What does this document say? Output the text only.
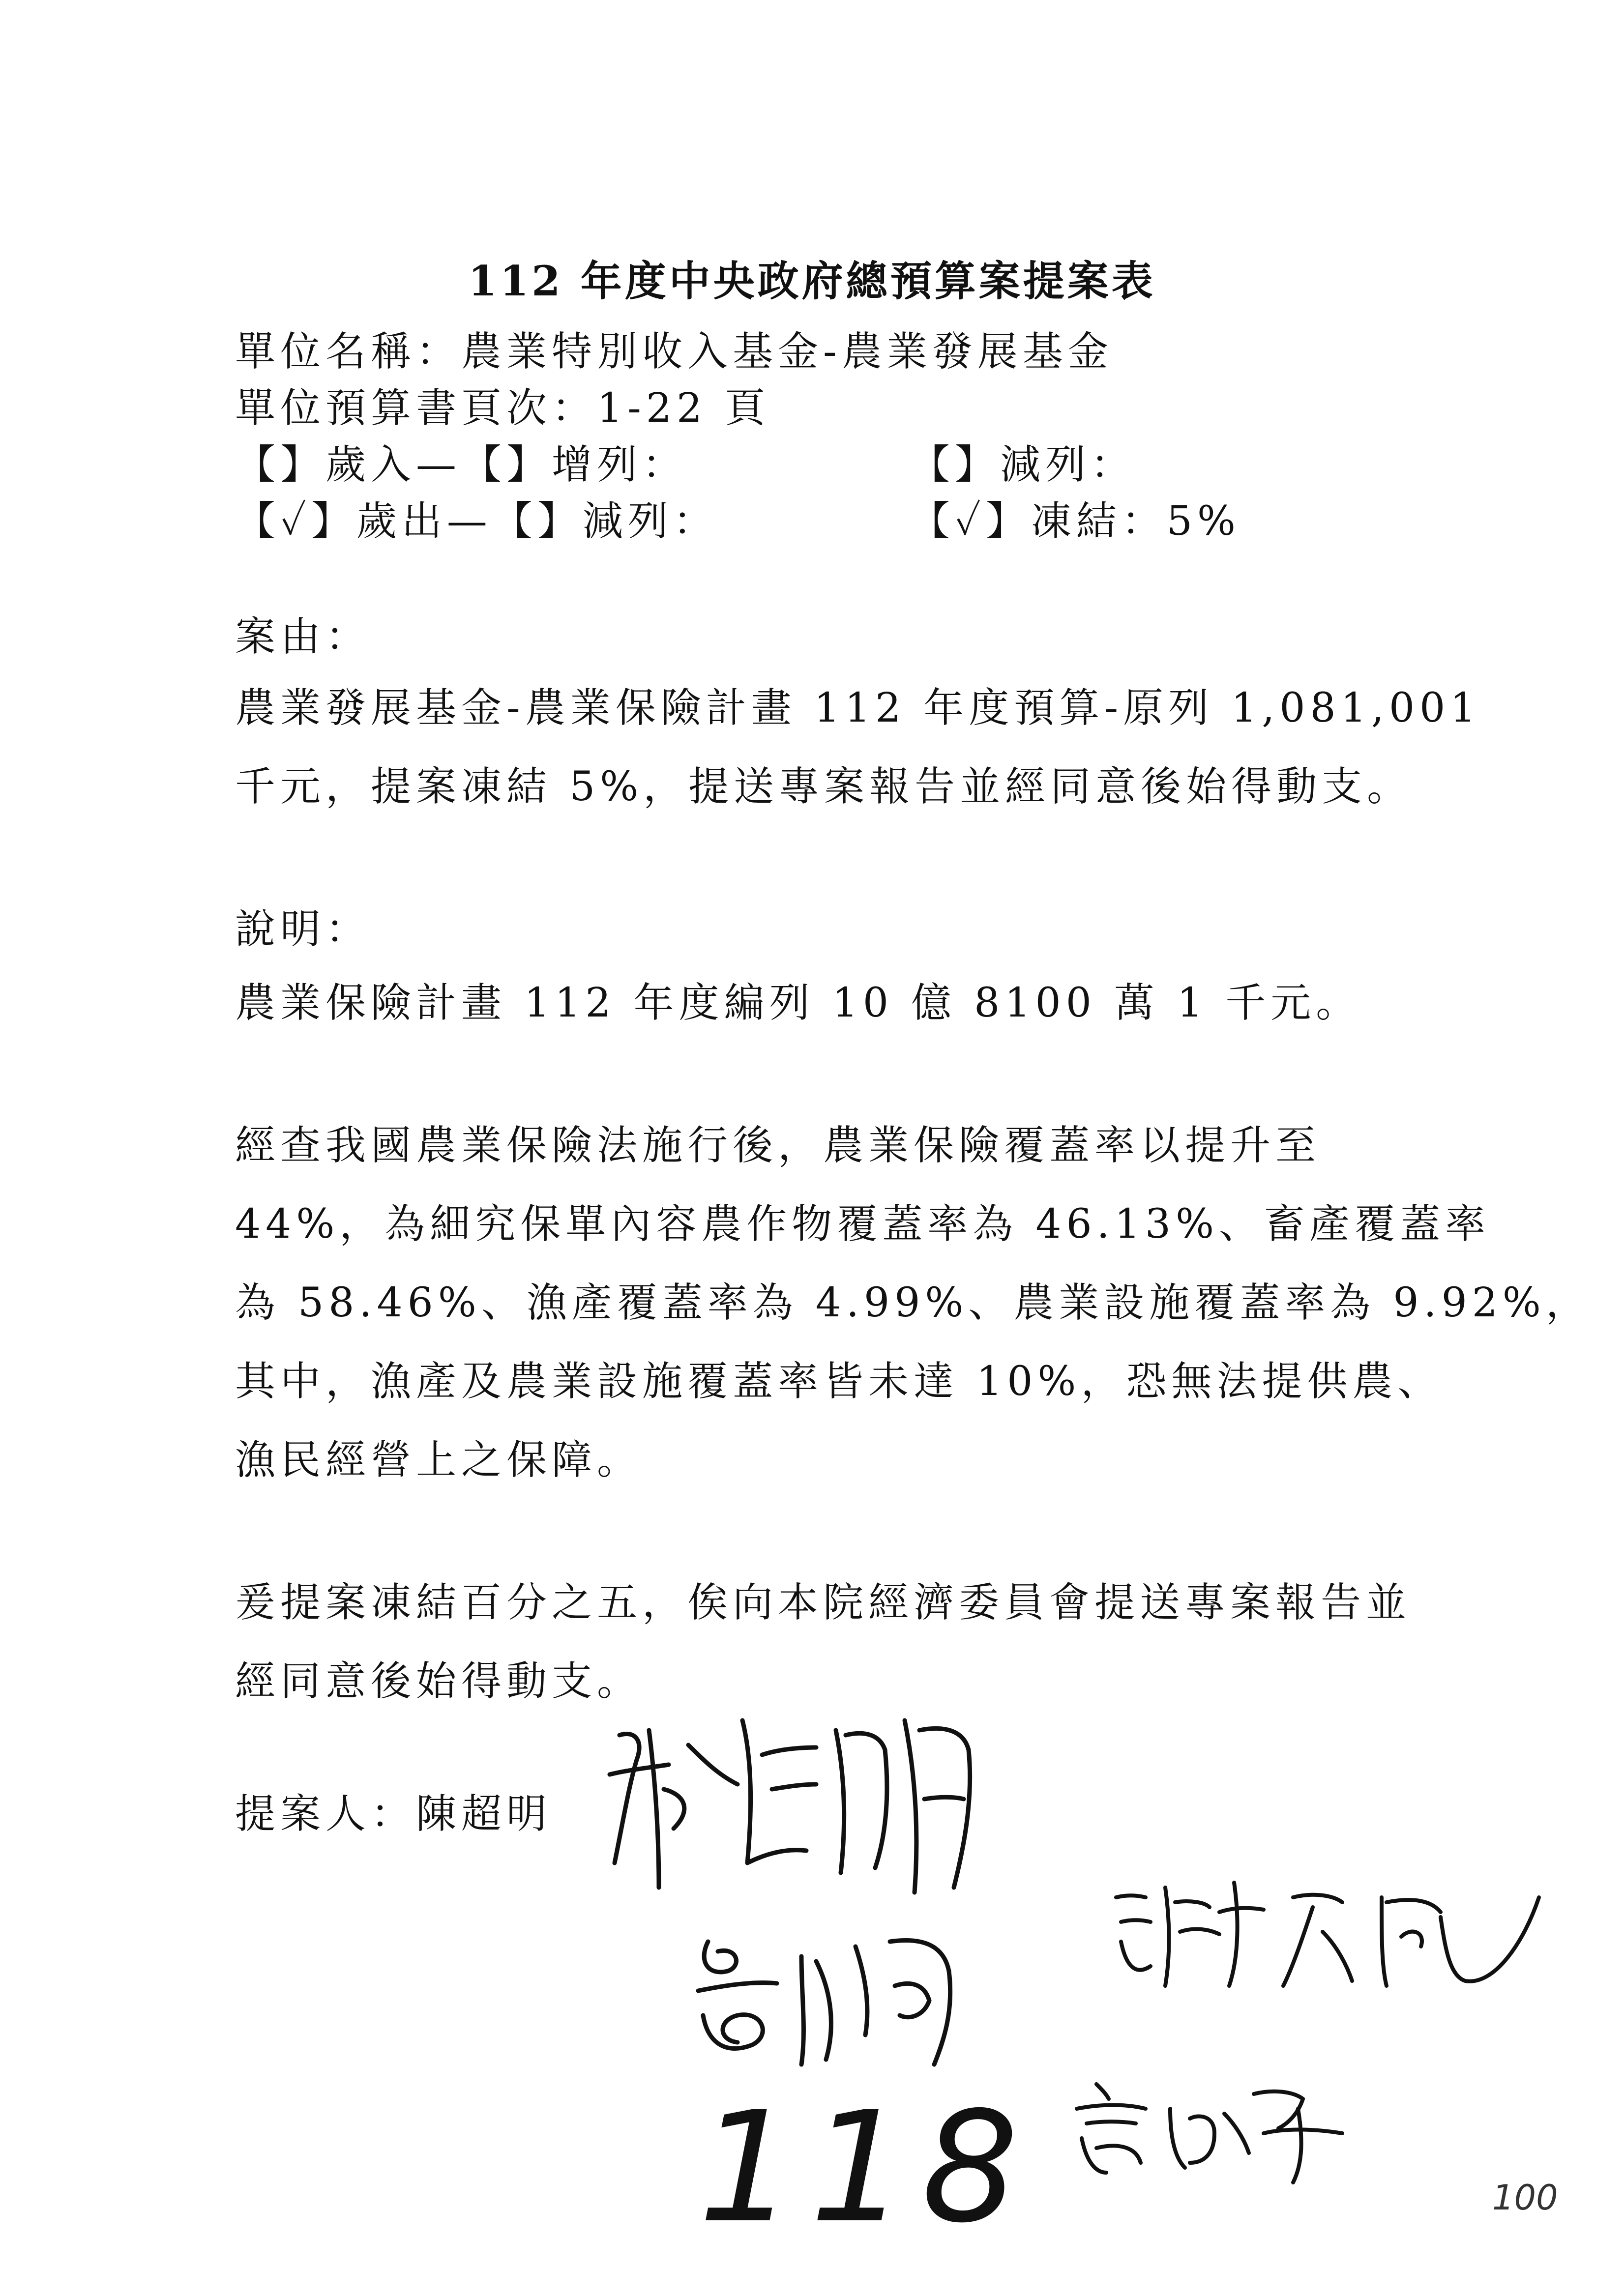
112 年度中央政府總預算案提案表
單位名稱：農業特別收入基金-農業發展基金
單位預算書頁次：1-22 頁
【】歲入—【】增列：	【】減列：
【✓】歲出—【】減列：	【✓】凍結：5%
案由：
農業發展基金-農業保險計畫 112 年度預算-原列 1,081,001
千元，提案凍結 5%，提送專案報告並經同意後始得動支。
說明：
農業保險計畫 112 年度編列 10 億 8100 萬 1 千元。
經查我國農業保險法施行後，農業保險覆蓋率以提升至
44%，為細究保單內容農作物覆蓋率為 46.13%、畜產覆蓋率
為 58.46%、漁產覆蓋率為 4.99%、農業設施覆蓋率為 9.92%，
其中，漁產及農業設施覆蓋率皆未達 10%，恐無法提供農、
漁民經營上之保障。
爰提案凍結百分之五，俟向本院經濟委員會提送專案報告並
經同意後始得動支。
提案人：陳超明
118	100
